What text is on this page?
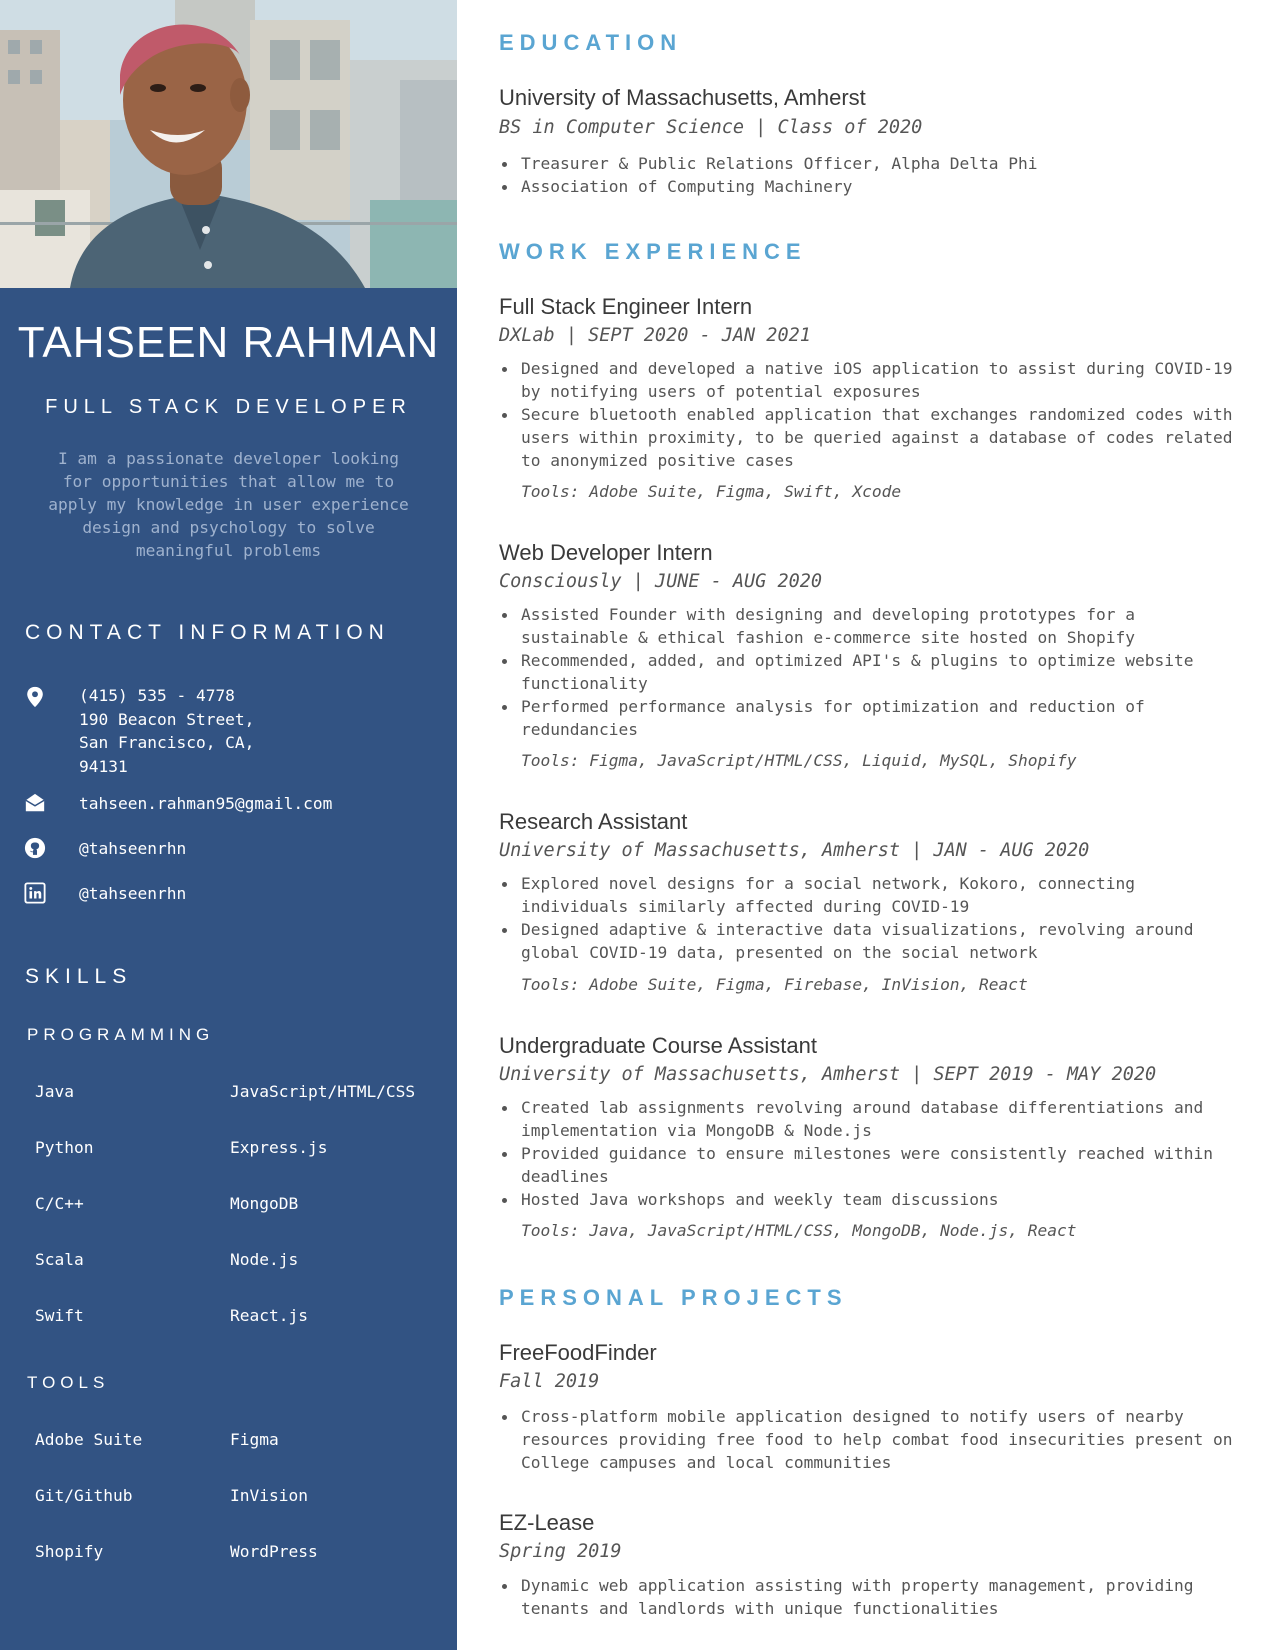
TAHSEEN RAHMAN
FULL STACK DEVELOPER
I am a passionate developer looking
for opportunities that allow me to
apply my knowledge in user experience
design and psychology to solve
meaningful problems
CONTACT INFORMATION
(415) 535 - 4778
190 Beacon Street,
San Francisco, CA,
94131
tahseen.rahman95@gmail.com
@tahseenrhn
@tahseenrhn
SKILLS
PROGRAMMING
Java	JavaScript/HTML/CSS
Python	Express.js
C/C++	MongoDB
Scala	Node.js
Swift	React.js
TOOLS
Adobe Suite	Figma
Git/Github	InVision
Shopify	WordPress
EDUCATION
University of Massachusetts, Amherst
BS in Computer Science | Class of 2020
Treasurer & Public Relations Officer, Alpha Delta Phi
Association of Computing Machinery
WORK EXPERIENCE
Full Stack Engineer Intern
DXLab | SEPT 2020 - JAN 2021
Designed and developed a native iOS application to assist during COVID-19 by notifying users of potential exposures
Secure bluetooth enabled application that exchanges randomized codes with users within proximity, to be queried against a database of codes related to anonymized positive cases
Tools: Adobe Suite, Figma, Swift, Xcode
Web Developer Intern
Consciously | JUNE - AUG 2020
Assisted Founder with designing and developing prototypes for a sustainable & ethical fashion e-commerce site hosted on Shopify
Recommended, added, and optimized API's & plugins to optimize website functionality
Performed performance analysis for optimization and reduction of redundancies
Tools: Figma, JavaScript/HTML/CSS, Liquid, MySQL, Shopify
Research Assistant
University of Massachusetts, Amherst | JAN - AUG 2020
Explored novel designs for a social network, Kokoro, connecting individuals similarly affected during COVID-19
Designed adaptive & interactive data visualizations, revolving around global COVID-19 data, presented on the social network
Tools: Adobe Suite, Figma, Firebase, InVision, React
Undergraduate Course Assistant
University of Massachusetts, Amherst | SEPT 2019 - MAY 2020
Created lab assignments revolving around database differentiations and implementation via MongoDB & Node.js
Provided guidance to ensure milestones were consistently reached within deadlines
Hosted Java workshops and weekly team discussions
Tools: Java, JavaScript/HTML/CSS, MongoDB, Node.js, React
PERSONAL PROJECTS
FreeFoodFinder
Fall 2019
Cross-platform mobile application designed to notify users of nearby resources providing free food to help combat food insecurities present on College campuses and local communities
EZ-Lease
Spring 2019
Dynamic web application assisting with property management, providing tenants and landlords with unique functionalities
